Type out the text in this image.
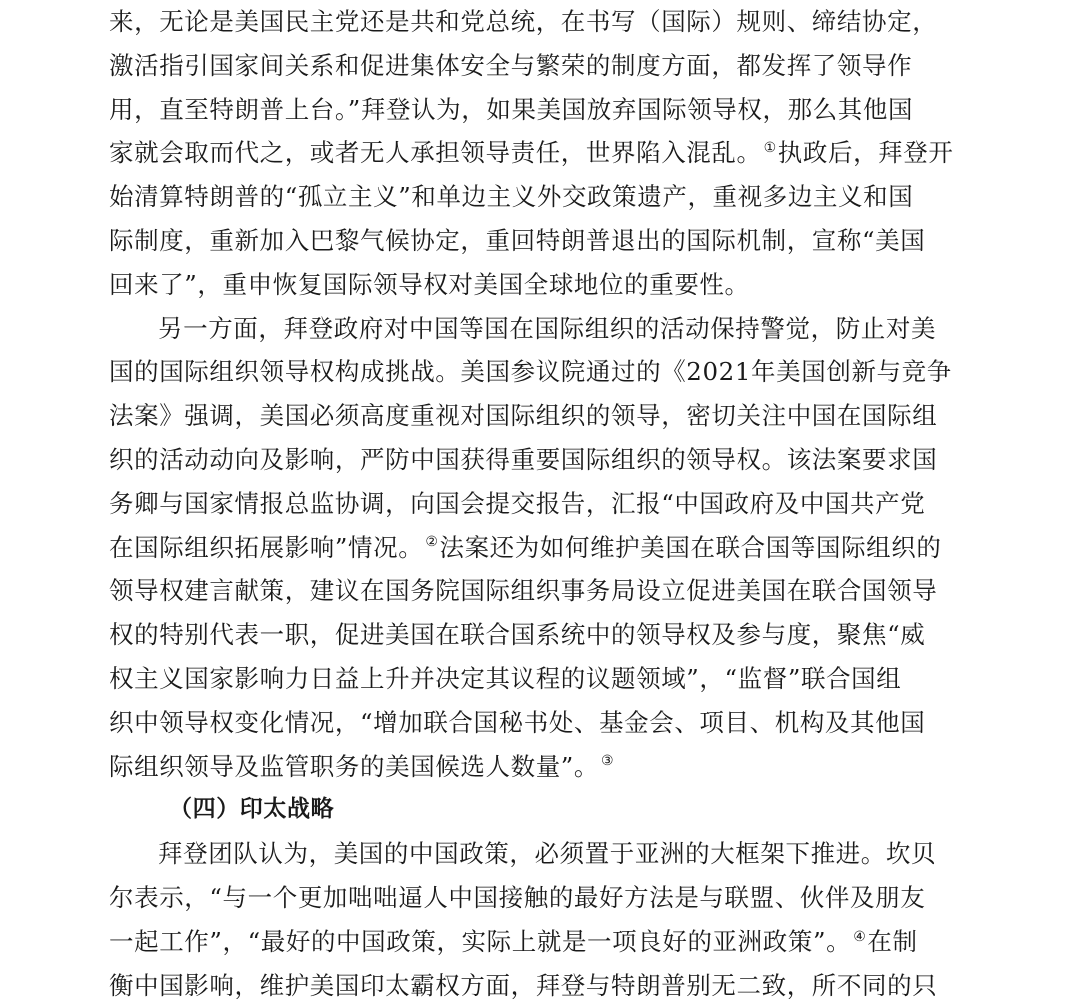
来，无论是美国民主党还是共和党总统，在书写（国际）规则、缔结协定，
激活指引国家间关系和促进集体安全与繁荣的制度方面，都发挥了领导作
用，直至特朗普上台。”拜登认为，如果美国放弃国际领导权，那么其他国
家就会取而代之，或者无人承担领导责任，世界陷入混乱。 ①执政后，拜登开
始清算特朗普的“孤立主义”和单边主义外交政策遗产，重视多边主义和国
际制度，重新加入巴黎气候协定，重回特朗普退出的国际机制，宣称“美国
回来了”，重申恢复国际领导权对美国全球地位的重要性。
另一方面，拜登政府对中国等国在国际组织的活动保持警觉，防止对美
国的国际组织领导权构成挑战。美国参议院通过的《2021年美国创新与竞争
法案》强调，美国必须高度重视对国际组织的领导，密切关注中国在国际组
织的活动动向及影响，严防中国获得重要国际组织的领导权。该法案要求国
务卿与国家情报总监协调，向国会提交报告，汇报“中国政府及中国共产党
在国际组织拓展影响”情况。 ②法案还为如何维护美国在联合国等国际组织的
领导权建言献策，建议在国务院国际组织事务局设立促进美国在联合国领导
权的特别代表一职，促进美国在联合国系统中的领导权及参与度，聚焦“威
权主义国家影响力日益上升并决定其议程的议题领域”，“监督”联合国组
织中领导权变化情况，“增加联合国秘书处、基金会、项目、机构及其他国
际组织领导及监管职务的美国候选人数量”。 ③
（四）印太战略
拜登团队认为，美国的中国政策，必须置于亚洲的大框架下推进。坎贝
尔表示，“与一个更加咄咄逼人中国接触的最好方法是与联盟、伙伴及朋友
一起工作”，“最好的中国政策，实际上就是一项良好的亚洲政策”。 ④在制
衡中国影响，维护美国印太霸权方面，拜登与特朗普别无二致，所不同的只
